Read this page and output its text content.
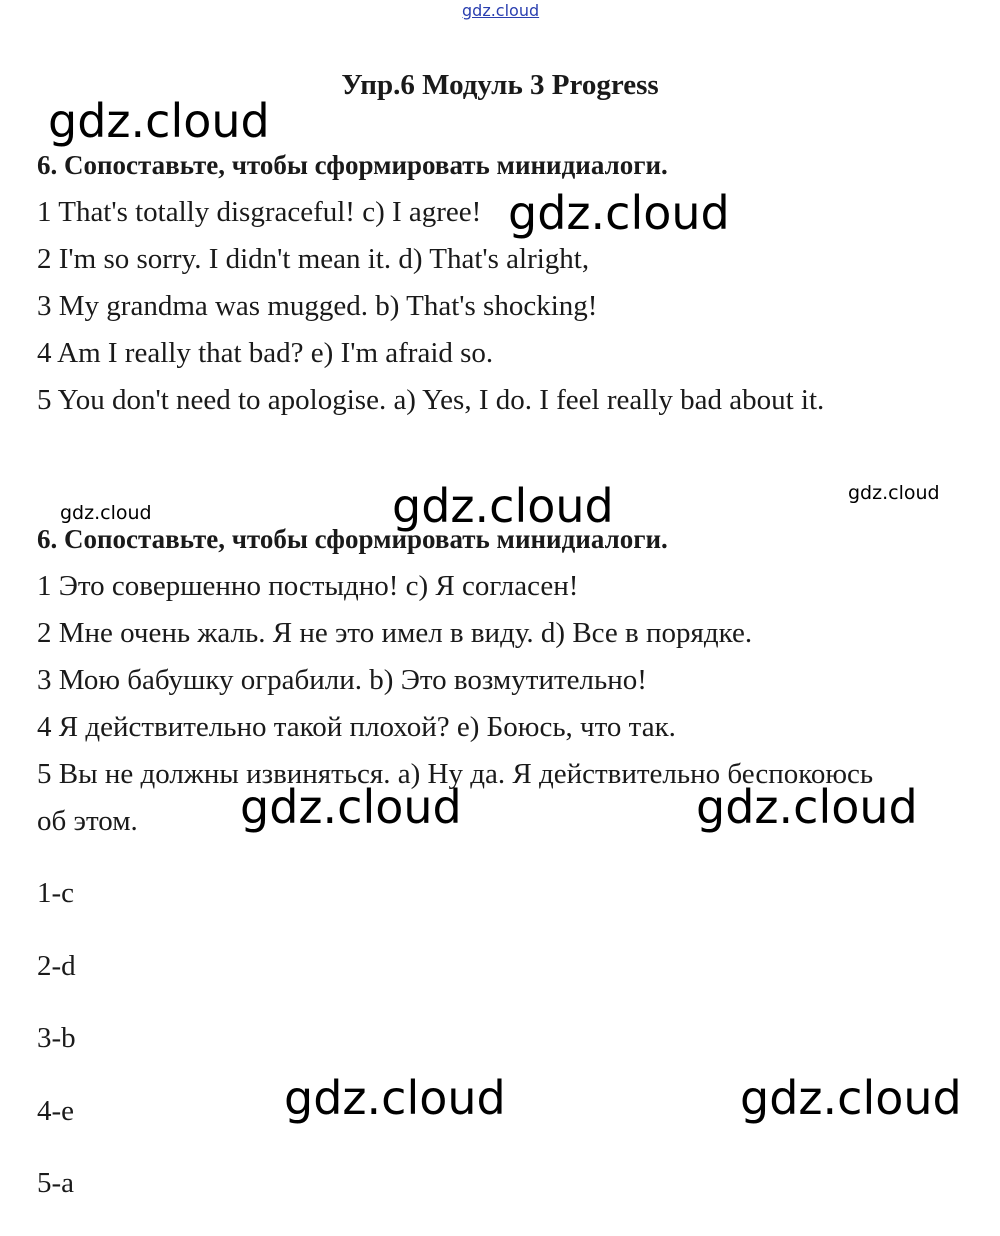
gdz.cloud
Упр.6 Модуль 3 Progress
6. Сопоставьте, чтобы сформировать минидиалоги.
1 That's totally disgraceful! c) I agree!
2 I'm so sorry. I didn't mean it. d) That's alright,
3 My grandma was mugged. b) That's shocking!
4 Am I really that bad? e) I'm afraid so.
5 You don't need to apologise. a) Yes, I do. I feel really bad about it.
6. Сопоставьте, чтобы сформировать минидиалоги.
1 Это совершенно постыдно! с) Я согласен!
2 Мне очень жаль. Я не это имел в виду. d) Все в порядке.
3 Мою бабушку ограбили. b) Это возмутительно!
4 Я действительно такой плохой? е) Боюсь, что так.
5 Вы не должны извиняться. а) Ну да. Я действительно беспокоюсь
об этом.
1-c
2-d
3-b
4-e
5-a
gdz.cloud
gdz.cloud
gdz.cloud	gdz.cloud	gdz.cloud
gdz.cloud	gdz.cloud
gdz.cloud	gdz.cloud
